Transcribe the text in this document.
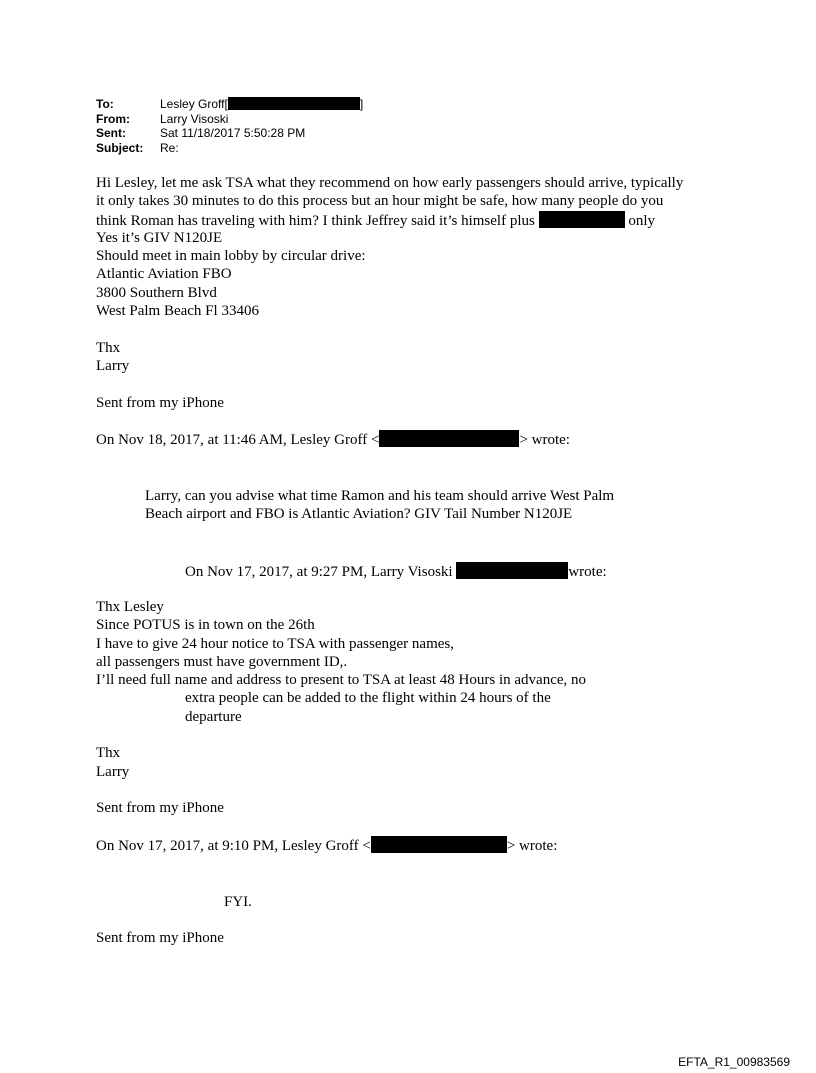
To:	Lesley Groff[	]
From:	Larry Visoski
Sent:	Sat 11/18/2017 5:50:28 PM
Subject:	Re:
Hi Lesley, let me ask TSA what they recommend on how early passengers should arrive, typically
it only takes 30 minutes to do this process but an hour might be safe, how many people do you
think Roman has traveling with him? I think Jeffrey said it’s himself plus	only
Yes it’s GIV N120JE
Should meet in main lobby by circular drive:
Atlantic Aviation FBO
3800 Southern Blvd
West Palm Beach Fl 33406
Thx
Larry
Sent from my iPhone
On Nov 18, 2017, at 11:46 AM, Lesley Groff <	> wrote:
Larry, can you advise what time Ramon and his team should arrive West Palm
Beach airport and FBO is Atlantic Aviation? GIV Tail Number N120JE
On Nov 17, 2017, at 9:27 PM, Larry Visoski	wrote:
Thx Lesley
Since POTUS is in town on the 26th
I have to give 24 hour notice to TSA with passenger names,
all passengers must have government ID,.
I’ll need full name and address to present to TSA at least 48 Hours in advance, no
extra people can be added to the flight within 24 hours of the
departure
Thx
Larry
Sent from my iPhone
On Nov 17, 2017, at 9:10 PM, Lesley Groff <	> wrote:
FYI.
Sent from my iPhone
EFTA_R1_00983569
